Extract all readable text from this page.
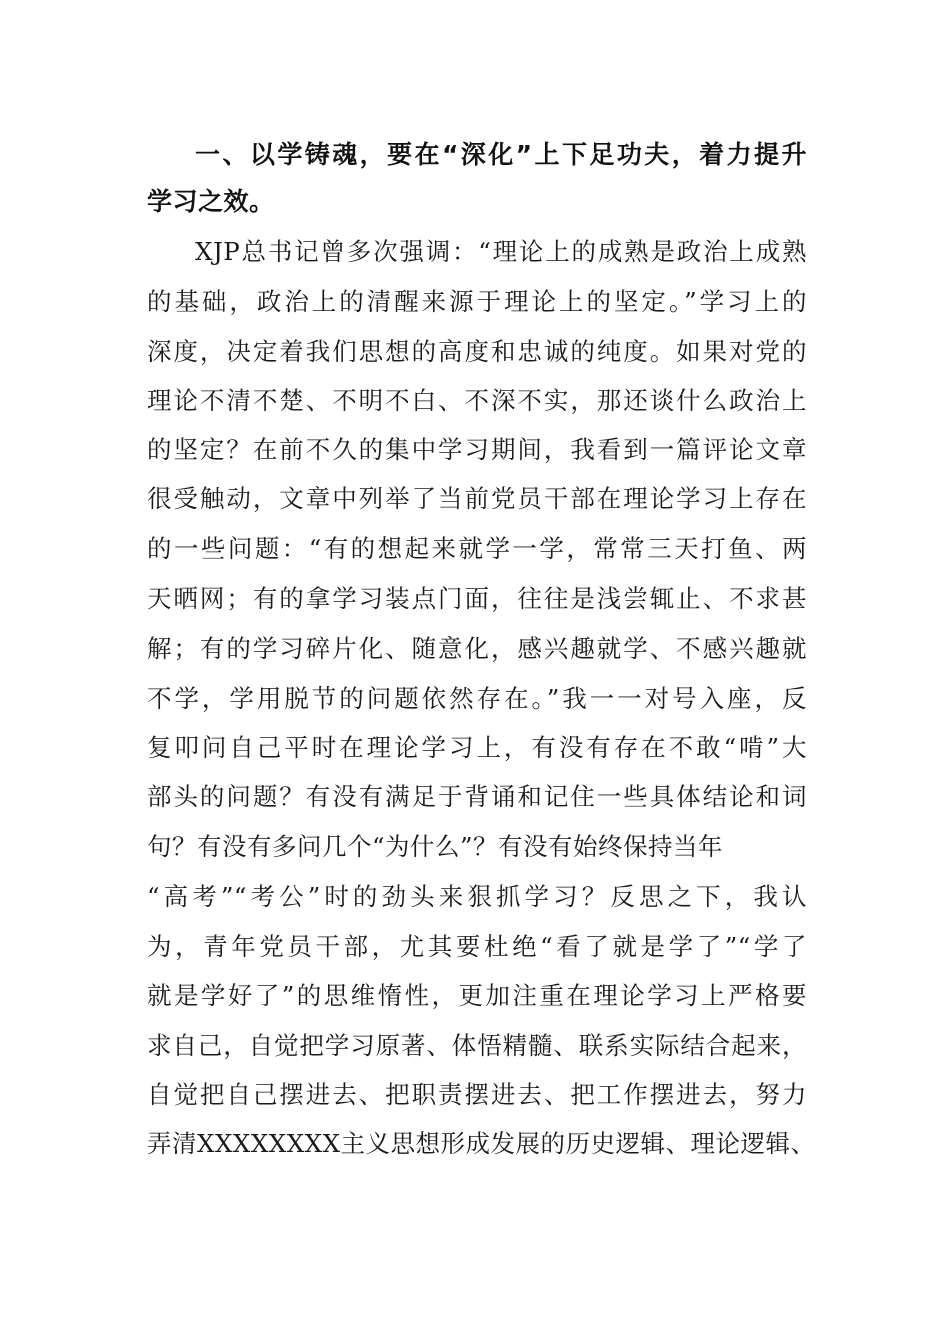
一、以学铸魂，要在“深化”上下足功夫，着力提升
学习之效。
XJP总书记曾多次强调：“理论上的成熟是政治上成熟
的基础，政治上的清醒来源于理论上的坚定。”学习上的
深度，决定着我们思想的高度和忠诚的纯度。如果对党的
理论不清不楚、不明不白、不深不实，那还谈什么政治上
的坚定？在前不久的集中学习期间，我看到一篇评论文章
很受触动，文章中列举了当前党员干部在理论学习上存在
的一些问题：“有的想起来就学一学，常常三天打鱼、两
天晒网；有的拿学习装点门面，往往是浅尝辄止、不求甚
解；有的学习碎片化、随意化，感兴趣就学、不感兴趣就
不学，学用脱节的问题依然存在。”我一一对号入座，反
复叩问自己平时在理论学习上，有没有存在不敢“啃”大
部头的问题？有没有满足于背诵和记住一些具体结论和词
句？有没有多问几个“为什么”？有没有始终保持当年
“高考”“考公”时的劲头来狠抓学习？反思之下，我认
为，青年党员干部，尤其要杜绝“看了就是学了”“学了
就是学好了”的思维惰性，更加注重在理论学习上严格要
求自己，自觉把学习原著、体悟精髓、联系实际结合起来，
自觉把自己摆进去、把职责摆进去、把工作摆进去，努力
弄清XXXXXXXX主义思想形成发展的历史逻辑、理论逻辑、
